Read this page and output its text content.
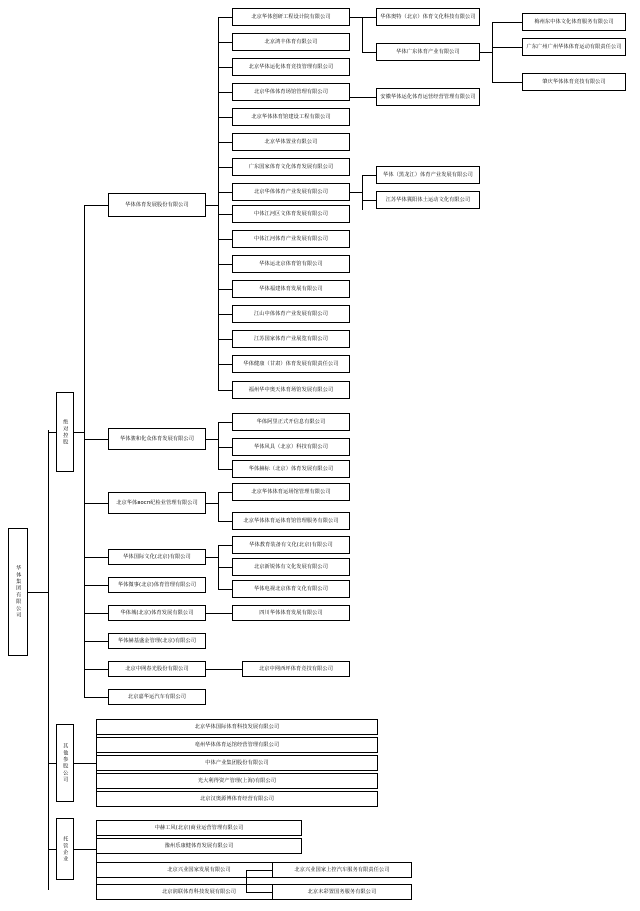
华体集团有限公司
绝对控股
其他参股公司
托管企业
华体体育发展股份有限公司
华体骏和化众体育发展有限公司
北京华体восп纪检业管理有限公司
华体国际文化(北京)有限公司
华体微事(北京)体育管理有限公司
华体城(北京)体育发展有限公司
华体赫基盛金管理(北京)有限公司
北京中网春光股份有限公司
北京嘉华运汽车有限公司
北京华体创研工程设计院有限公司
北京鸿丰体育有限公司
北京华体运化体育竞技管理有限公司
北京华体体育场馆管理有限公司
北京华体体育馆建设工程有限公司
北京华体置业有限公司
广东国家体育文化体育发展有限公司
北京华体体育产业发展有限公司
中体江河区文体育发展有限公司
中体江河体育产业发展有限公司
华体运北京体育馆有限公司
华体福建体育发展有限公司
江山中体体育产业发展有限公司
江苏国家体育产业展览有限公司
华体健康（甘肃）体育发展有限责任公司
福州华中奥天体育场馆发展有限公司
华体奥特（北京）体育文化科技有限公司
华体广东体育产业有限公司
安徽华体运化体育运营经营管理有限公司
梅州东中体文化体育服务有限公司
广东广州广州华体体育运动有限责任公司
肇庆华体体育竞技有限公司
华体（黑龙江）体育产业发展有限公司
江苏华体冀阳体土运动文化有限公司
华体阿里正式开信息有限公司
华体风具（北京）科技有限公司
华体赫标（北京）体育发展有限公司
北京华体体育运场馆管理有限公司
北京华体体育运体育馆管理服务有限公司
华体教育装备有文化(北京)有限公司
北京新锐体有文化发展有限公司
华体电视北京体育文化有限公司
四川华体体育发展有限公司
北京中网西坪体育竞技有限公司
北京华体国际体育科技发展有限公司
亳州华体体育运馆经营管理有限公司
中体产业集团股份有限公司
光大利得资产管理(上海)有限公司
北京汉奥源博体育经营有限公司
中赫工风(北京)商业运营管理有限公司
豫州乐康健体育发展有限公司
北京兴业国家发展有限公司
北京润联体育科技发展有限公司
北京兴业国家上控汽车服务有限责任公司
北京未彩置国务服务有限公司
